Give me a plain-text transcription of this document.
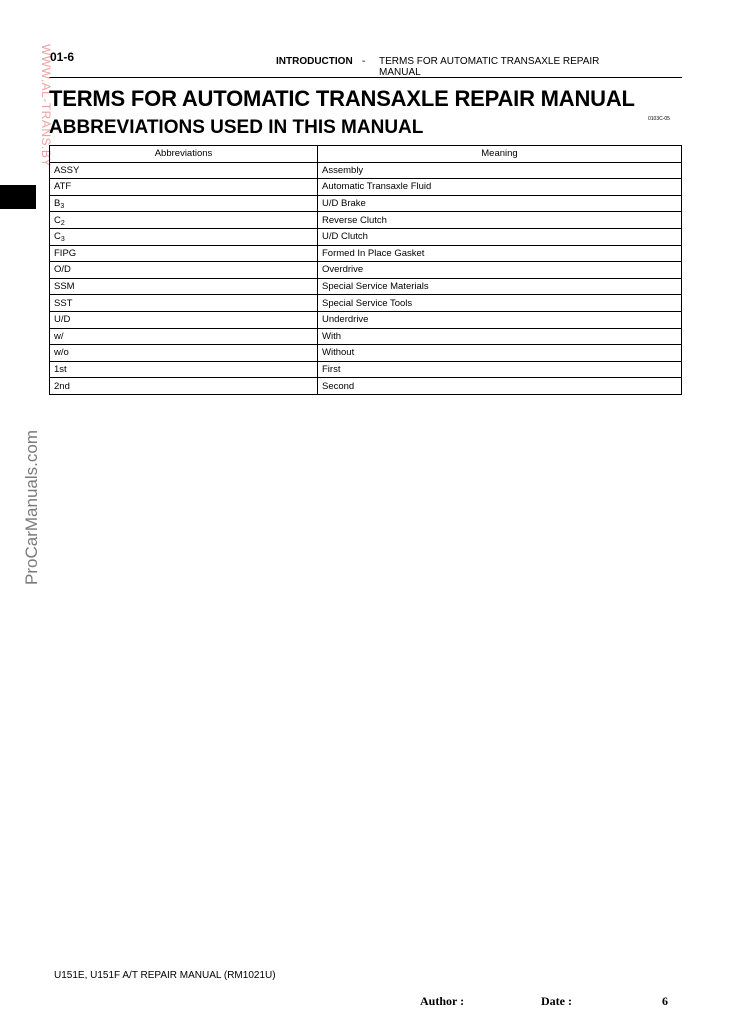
01-6	INTRODUCTION - TERMS FOR AUTOMATIC TRANSAXLE REPAIR MANUAL
WWW.AL-TRANS.BY
ProCarManuals.com
TERMS FOR AUTOMATIC TRANSAXLE REPAIR MANUAL
ABBREVIATIONS USED IN THIS MANUAL	0103C-05
Abbreviations	Meaning
ASSY	Assembly
ATF	Automatic Transaxle Fluid
$B_3$	U/D Brake
$C_2$	Reverse Clutch
$C_3$	U/D Clutch
FIPG	Formed In Place Gasket
O/D	Overdrive
SSM	Special Service Materials
SST	Special Service Tools
U/D	Underdrive
w/	With
w/o	Without
1st	First
2nd	Second
U151E, U151F A/T REPAIR MANUAL (RM1021U)
Author :	Date :	6
